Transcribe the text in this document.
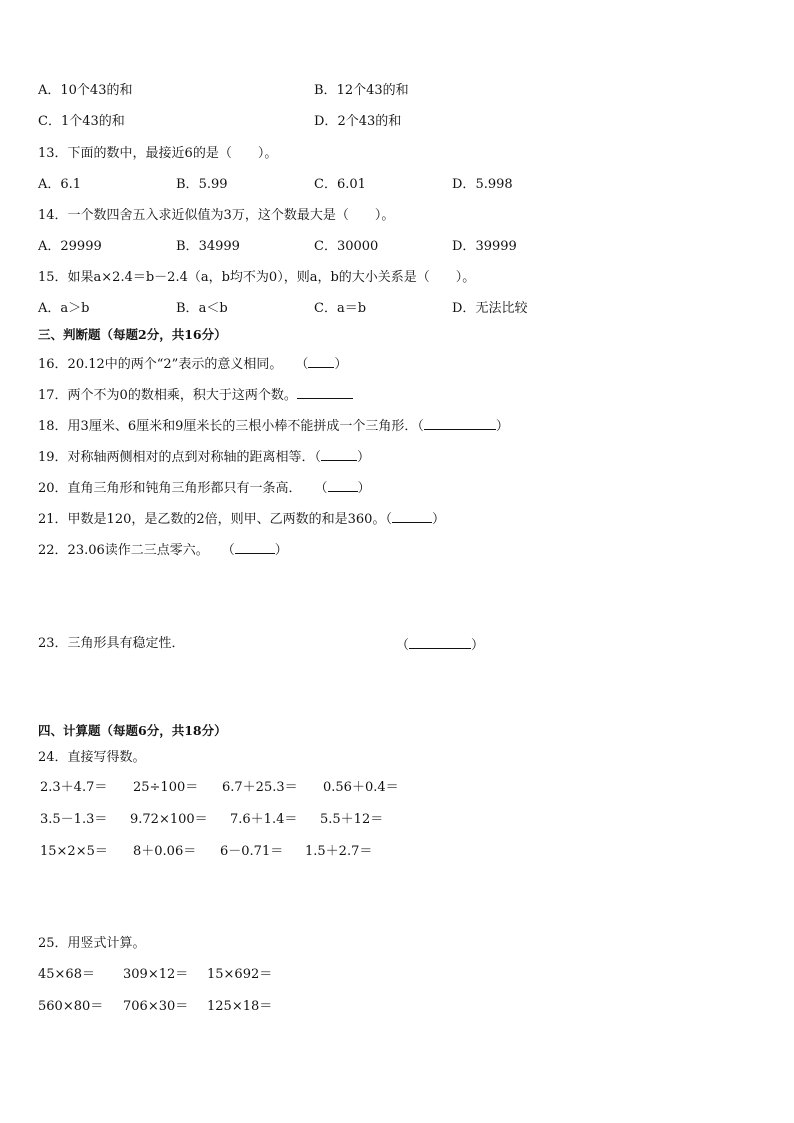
A．10个43的和	B．12个43的和
C．1个43的和	D．2个43的和
13．下面的数中，最接近6的是（　　）。
A．6.1	B．5.99	C．6.01	D．5.998
14．一个数四舍五入求近似值为3万，这个数最大是（　　）。
A．29999	B．34999	C．30000	D．39999
15．如果a×2.4＝b－2.4（a，b均不为0），则a，b的大小关系是（　　）。
A．a＞b	B．a＜b	C．a＝b	D．无法比较
三、判断题（每题2分，共16分）
16．20.12中的两个“2”表示的意义相同。　　（ ）
17．两个不为0的数相乘，积大于这两个数。
18．用3厘米、6厘米和9厘米长的三根小棒不能拼成一个三角形．（	）
19．对称轴两侧相对的点到对称轴的距离相等．（	）
20．直角三角形和钝角三角形都只有一条高．　　（ ）
21．甲数是120，是乙数的2倍，则甲、乙两数的和是360。（	）
22．23.06读作二三点零六。　　（	）
23．三角形具有稳定性．	（	）
四、计算题（每题6分，共18分）
24．直接写得数。
2.3＋4.7＝ 25÷100＝ 6.7＋25.3＝ 0.56＋0.4＝
3.5－1.3＝ 9.72×100＝ 7.6＋1.4＝ 5.5＋12＝
15×2×5＝ 8＋0.06＝ 6－0.71＝ 1.5＋2.7＝
25．用竖式计算。
45×68＝ 309×12＝ 15×692＝
560×80＝ 706×30＝ 125×18＝
